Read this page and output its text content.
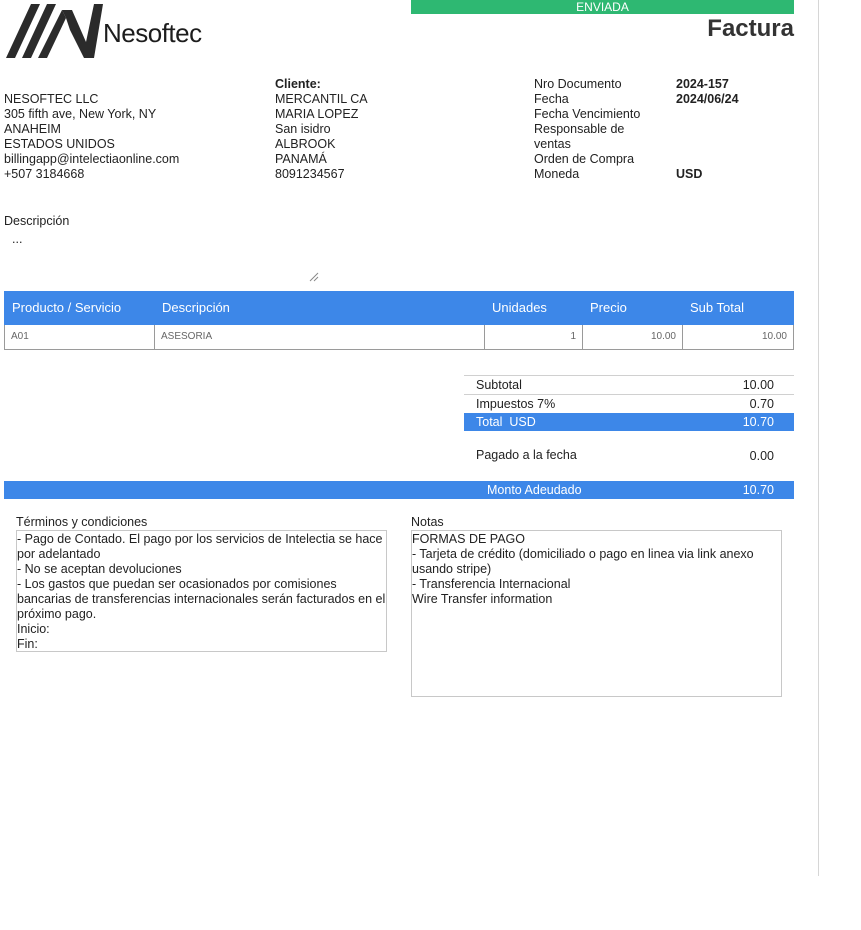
Nesoftec
ENVIADA
Factura
NESOFTEC LLC
305 fifth ave, New York, NY
ANAHEIM
ESTADOS UNIDOS
billingapp@intelectiaonline.com
+507 3184668
Cliente:
MERCANTIL CA
MARIA LOPEZ
San isidro
ALBROOK
PANAMÁ
8091234567
Nro Documento	2024-157
Fecha	2024/06/24
Fecha Vencimiento
Responsable de
ventas
Orden de Compra
Moneda	USD
Descripción
...
Producto / Servicio	Descripción	Unidades	Precio	Sub Total
A01	ASESORIA	1	10.00	10.00
Subtotal	10.00
Impuestos 7%	0.70
Total USD	10.70
Pagado a la fecha	0.00
Monto Adeudado	10.70
Términos y condiciones
- Pago de Contado. El pago por los servicios de Intelectia se hace por adelantado
- No se aceptan devoluciones
- Los gastos que puedan ser ocasionados por comisiones bancarias de transferencias internacionales serán facturados en el próximo pago.
Inicio:
Fin:
Notas
FORMAS DE PAGO
- Tarjeta de crédito (domiciliado o pago en linea via link anexo usando stripe)
- Transferencia Internacional
Wire Transfer information
